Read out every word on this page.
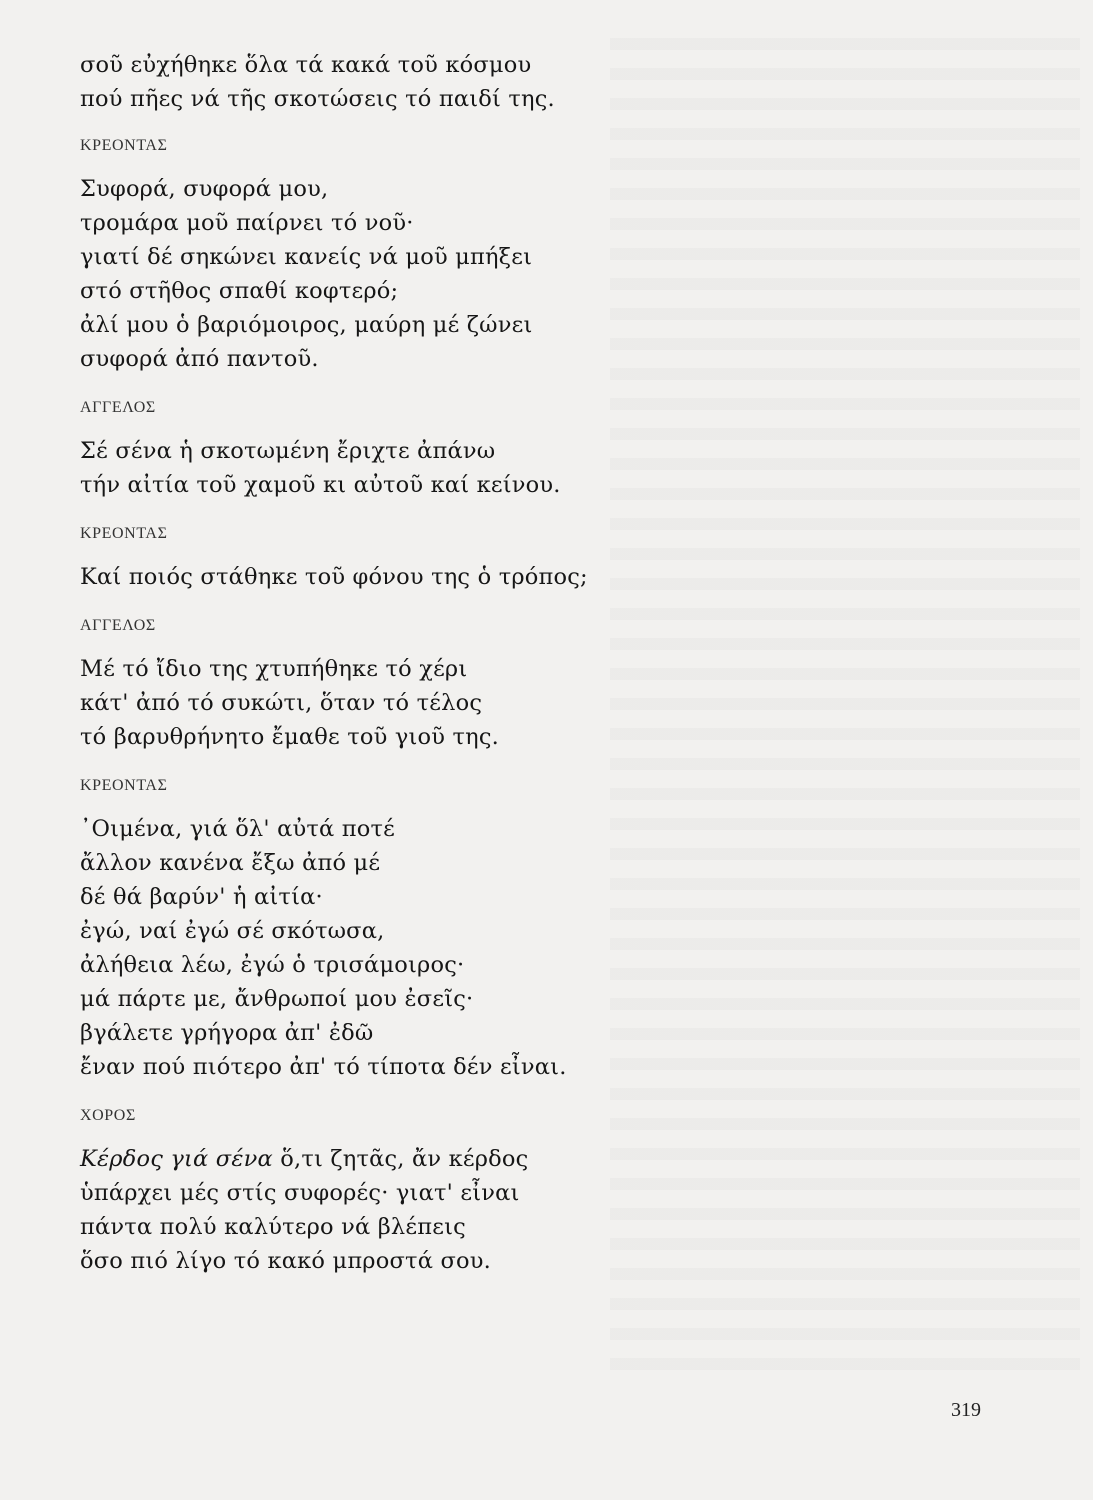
σοῦ εὐχήθηκε ὅλα τά κακά τοῦ κόσμου
πού πῆες νά τῆς σκοτώσεις τό παιδί της.
ΚΡΕΟΝΤΑΣ
Συφορά, συφορά μου,
τρομάρα μοῦ παίρνει τό νοῦ·
γιατί δέ σηκώνει κανείς νά μοῦ μπήξει
στό στῆθος σπαθί κοφτερό;
ἀλί μου ὁ βαριόμοιρος, μαύρη μέ ζώνει
συφορά ἀπό παντοῦ.
ΑΓΓΕΛΟΣ
Σέ σένα ἡ σκοτωμένη ἔριχτε ἀπάνω
τήν αἰτία τοῦ χαμοῦ κι αὐτοῦ καί κείνου.
ΚΡΕΟΝΤΑΣ
Καί ποιός στάθηκε τοῦ φόνου της ὁ τρόπος;
ΑΓΓΕΛΟΣ
Μέ τό ἴδιο της χτυπήθηκε τό χέρι
κάτ' ἀπό τό συκώτι, ὅταν τό τέλος
τό βαρυθρήνητο ἔμαθε τοῦ γιοῦ της.
ΚΡΕΟΝΤΑΣ
᾽Οιμένα, γιά ὅλ' αὐτά ποτέ
ἄλλον κανένα ἔξω ἀπό μέ
δέ θά βαρύν' ἡ αἰτία·
ἐγώ, ναί ἐγώ σέ σκότωσα,
ἀλήθεια λέω, ἐγώ ὁ τρισάμοιρος·
μά πάρτε με, ἄνθρωποί μου ἐσεῖς·
βγάλετε γρήγορα ἀπ' ἐδῶ
ἔναν πού πιότερο ἀπ' τό τίποτα δέν εἶναι.
ΧΟΡΟΣ
Κέρδος γιά σένα ὅ,τι ζητᾶς, ἄν κέρδος
ὑπάρχει μές στίς συφορές· γιατ' εἶναι
πάντα πολύ καλύτερο νά βλέπεις
ὅσο πιό λίγο τό κακό μπροστά σου.
319
